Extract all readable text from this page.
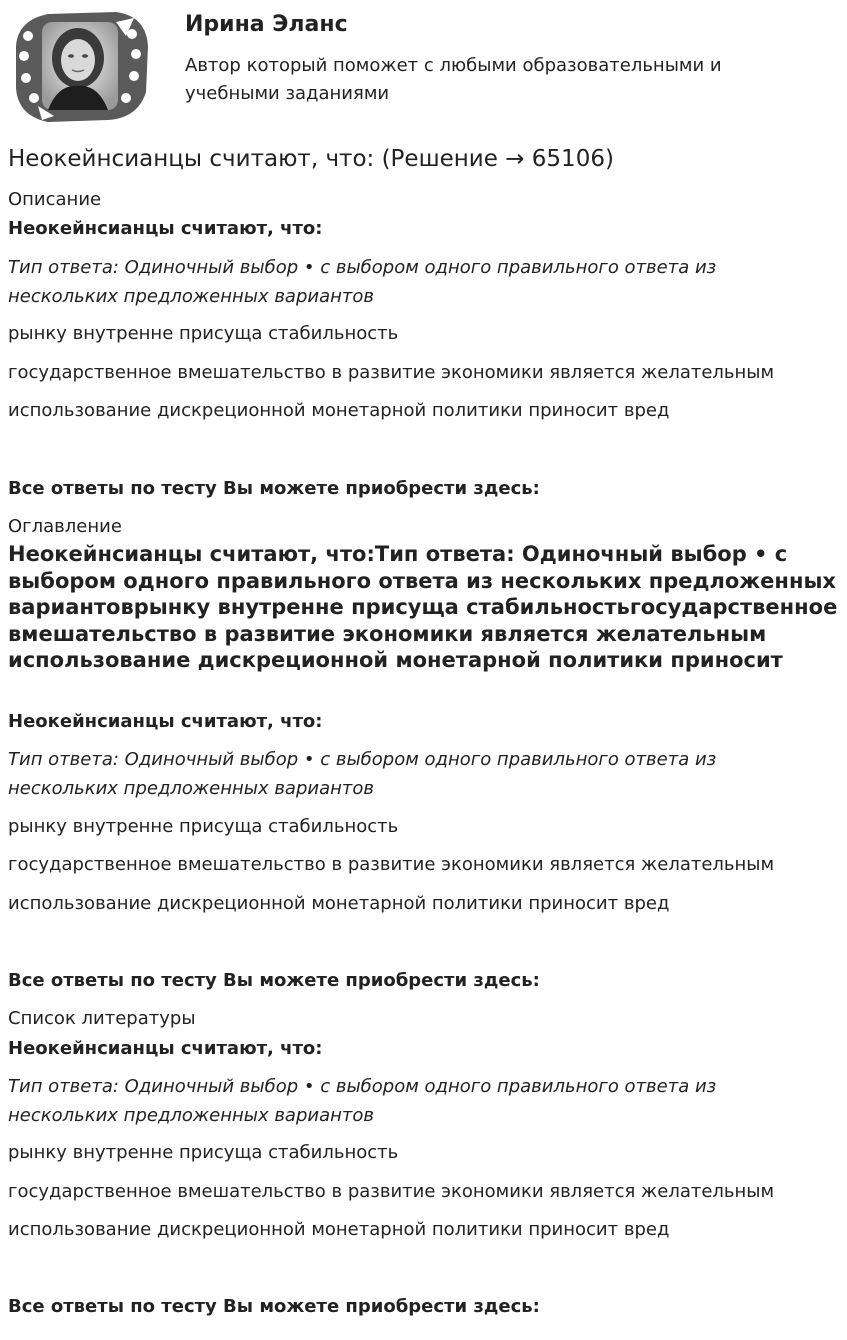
Ирина Эланс
Автор который поможет с любыми образовательными и учебными заданиями
Неокейнсианцы считают, что: (Решение → 65106)
Описание
Неокейнсианцы считают, что:
Тип ответа: Одиночный выбор • с выбором одного правильного ответа из нескольких предложенных вариантов
рынку внутренне присуща стабильность
государственное вмешательство в развитие экономики является желательным
использование дискреционной монетарной политики приносит вред
Все ответы по тесту Вы можете приобрести здесь:
Оглавление
Неокейнсианцы считают, что:Тип ответа: Одиночный выбор • с выбором одного правильного ответа из нескольких предложенных вариантоврынку внутренне присуща стабильностьгосударственное вмешательство в развитие экономики является желательным использование дискреционной монетарной политики приносит
Неокейнсианцы считают, что:
Тип ответа: Одиночный выбор • с выбором одного правильного ответа из нескольких предложенных вариантов
рынку внутренне присуща стабильность
государственное вмешательство в развитие экономики является желательным
использование дискреционной монетарной политики приносит вред
Все ответы по тесту Вы можете приобрести здесь:
Список литературы
Неокейнсианцы считают, что:
Тип ответа: Одиночный выбор • с выбором одного правильного ответа из нескольких предложенных вариантов
рынку внутренне присуща стабильность
государственное вмешательство в развитие экономики является желательным
использование дискреционной монетарной политики приносит вред
Все ответы по тесту Вы можете приобрести здесь:
